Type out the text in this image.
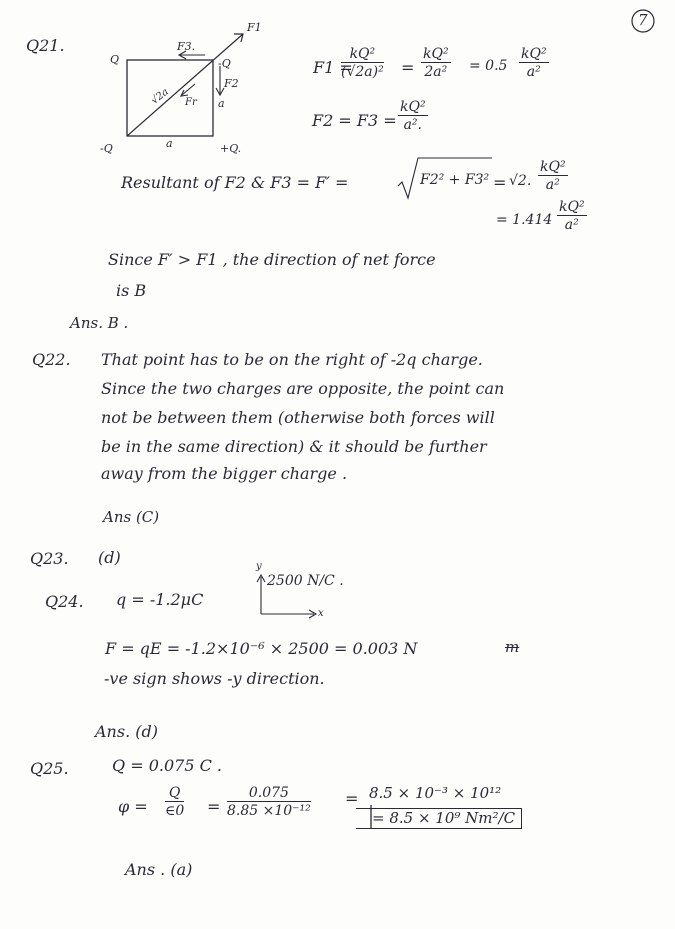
7
Q21.
Q	-Q
-Q	+Q.
a
a
√2a
F1
F2
F3.
Fr
F1 =
$\frac{\text{kQ²}}{\text{(√2a)²}} = \frac{\text{kQ²}}{\text{2a²}} = 0.5 \frac{\text{kQ²}}{\text{a²}}$
$F2 = F3 = \frac{\text{kQ²}}{\text{a².}}$
Resultant of F2 & F3 = F′ =	F2² + F3² = √2. $\frac{\text{kQ²}}{\text{a²}}$
= $1.414 \frac{\text{kQ²}}{\text{a²}}$
Since F′ > F1 , the direction of net force
is B
Ans. B .
Q22. That point has to be on the right of -2q charge.
Since the two charges are opposite, the point can
not be between them (otherwise both forces will
be in the same direction) & it should be further
away from the bigger charge .
Ans (C)
Q23. (d)
Q24. q = -1.2μC
y
x
2500 N/C .
F = qE = -1.2×10⁻⁶ × 2500 = 0.003 N	m
-ve sign shows -y direction.
Ans. (d)
Q25.	Q = 0.075 C .
$\varphi = \frac{Q}{\in 0} = \frac{0.075}{\text{8.85 ×10⁻¹²}} = 8.5 \times 10^{-3} \times 10^{12}$
= 8.5 × 10⁹ Nm²/C
Ans . (a)
